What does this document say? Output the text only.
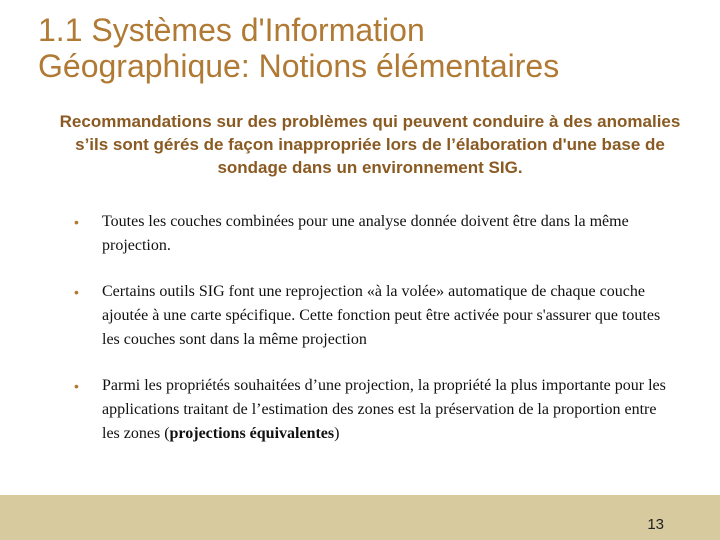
1.1 Systèmes d'Information
Géographique: Notions élémentaires

Recommandations sur des problèmes qui peuvent conduire à des anomalies s’ils sont gérés de façon inappropriée lors de l’élaboration d'une base de sondage dans un environnement SIG.

• Toutes les couches combinées pour une analyse donnée doivent être dans la même projection.
• Certains outils SIG font une reprojection «à la volée» automatique de chaque couche ajoutée à une carte spécifique. Cette fonction peut être activée pour s'assurer que toutes les couches sont dans la même projection
• Parmi les propriétés souhaitées d’une projection, la propriété la plus importante pour les applications traitant de l’estimation des zones est la préservation de la proportion entre les zones (projections équivalentes)
13
